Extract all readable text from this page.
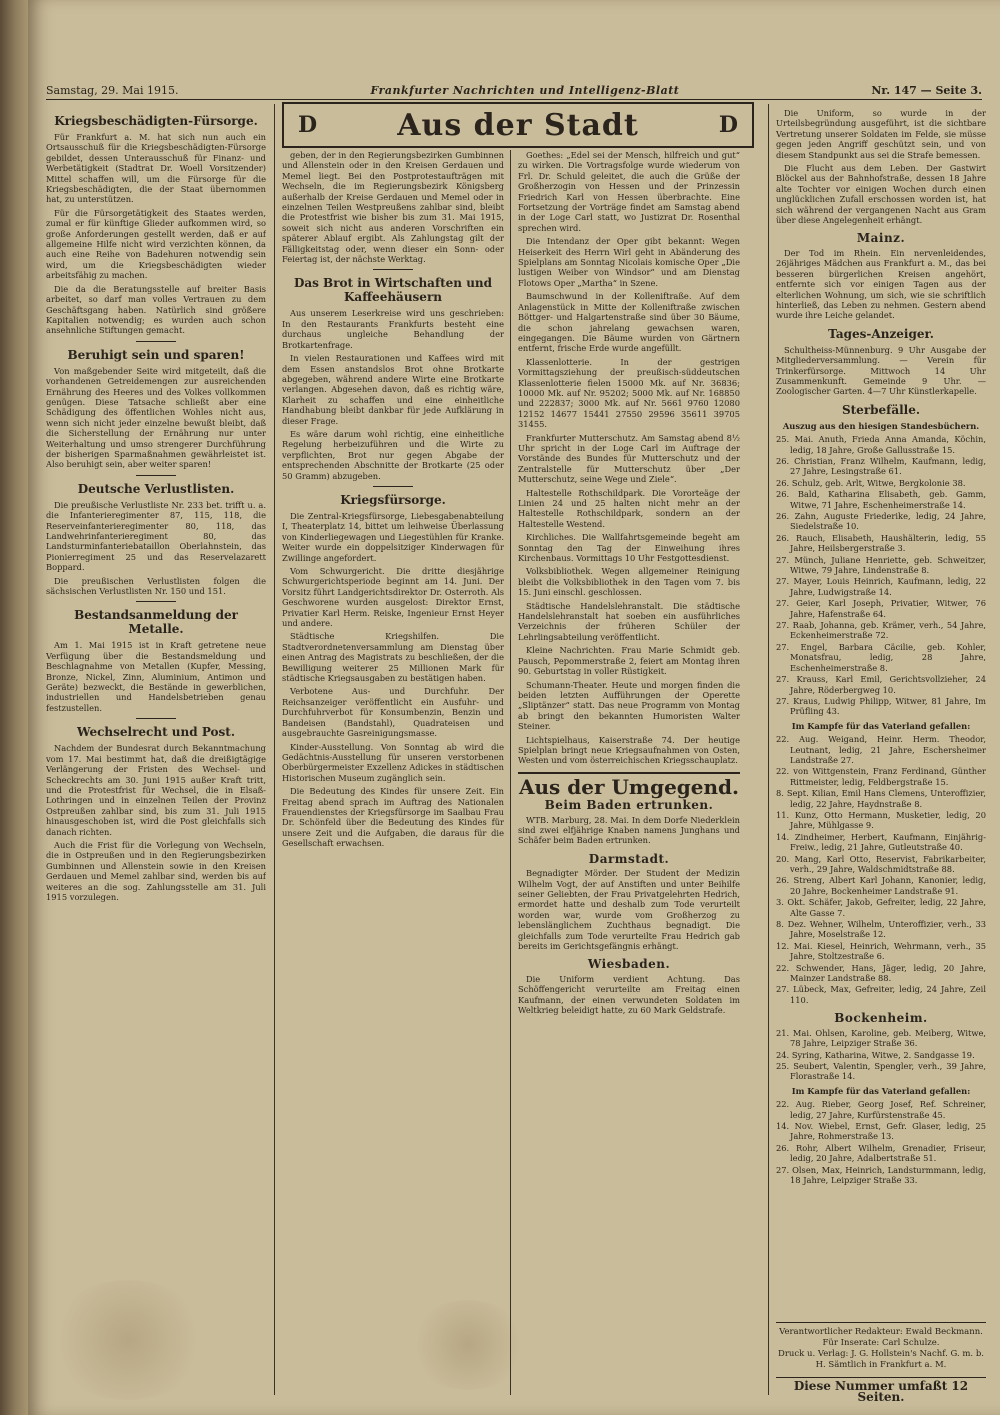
Samstag, 29. Mai 1915.	Frankfurter Nachrichten und Intelligenz-Blatt	Nr. 147 — Seite 3.
D	Aus der Stadt	D
Kriegsbeschädigten-Fürsorge.

Für Frankfurt a. M. hat sich nun auch ein Ortsausschuß für die Kriegsbeschädigten-Fürsorge gebildet, dessen Unterausschuß für Finanz- und Werbetätigkeit (Stadtrat Dr. Woell Vorsitzender) Mittel schaffen will, um die Fürsorge für die Kriegsbeschädigten, die der Staat übernommen hat, zu unterstützen.

Für die Fürsorgetätigkeit des Staates werden, zumal er für künftige Glieder aufkommen wird, so große Anforderungen gestellt werden, daß er auf allgemeine Hilfe nicht wird verzichten können, da auch eine Reihe von Badehuren notwendig sein wird, um die Kriegsbeschädigten wieder arbeitsfähig zu machen.

Die da die Beratungsstelle auf breiter Basis arbeitet, so darf man volles Vertrauen zu dem Geschäftsgang haben. Natürlich sind größere Kapitalien notwendig; es wurden auch schon ansehnliche Stiftungen gemacht.

Beruhigt sein und sparen!

Von maßgebender Seite wird mitgeteilt, daß die vorhandenen Getreidemengen zur ausreichenden Ernährung des Heeres und des Volkes vollkommen genügen. Diese Tatsache schließt aber eine Schädigung des öffentlichen Wohles nicht aus, wenn sich nicht jeder einzelne bewußt bleibt, daß die Sicherstellung der Ernährung nur unter Weiterhaltung und umso strengerer Durchführung der bisherigen Sparmaßnahmen gewährleistet ist. Also beruhigt sein, aber weiter sparen!

Deutsche Verlustlisten.

Die preußische Verlustliste Nr. 233 bet. trifft u. a. die Infanterieregimenter 87, 115, 118, die Reserveinfanterieregimenter 80, 118, das Landwehrinfanterieregiment 80, das Landsturminfanteriebataillon Oberlahnstein, das Pionierregiment 25 und das Reservelazarett Boppard.

Die preußischen Verlustlisten folgen die sächsischen Verlustlisten Nr. 150 und 151.

Bestandsanmeldung der Metalle.

Am 1. Mai 1915 ist in Kraft getretene neue Verfügung über die Bestandsmeldung und Beschlagnahme von Metallen (Kupfer, Messing, Bronze, Nickel, Zinn, Aluminium, Antimon und Geräte) bezweckt, die Bestände in gewerblichen, industriellen und Handelsbetrieben genau festzustellen.

Wechselrecht und Post.

Nachdem der Bundesrat durch Bekanntmachung vom 17. Mai bestimmt hat, daß die dreißigtägige Verlängerung der Fristen des Wechsel- und Scheckrechts am 30. Juni 1915 außer Kraft tritt, und die Protestfrist für Wechsel, die in Elsaß-Lothringen und in einzelnen Teilen der Provinz Ostpreußen zahlbar sind, bis zum 31. Juli 1915 hinausgeschoben ist, wird die Post gleichfalls sich danach richten.

Auch die Frist für die Vorlegung von Wechseln, die in Ostpreußen und in den Regierungsbezirken Gumbinnen und Allenstein sowie in den Kreisen Gerdauen und Memel zahlbar sind, werden bis auf weiteres an die sog. Zahlungsstelle am 31. Juli 1915 vorzulegen.

geben, der in den Regierungsbezirken Gumbinnen und Allenstein oder in den Kreisen Gerdauen und Memel liegt. Bei den Postprotestaufträgen mit Wechseln, die im Regierungsbezirk Königsberg außerhalb der Kreise Gerdauen und Memel oder in einzelnen Teilen Westpreußens zahlbar sind, bleibt die Protestfrist wie bisher bis zum 31. Mai 1915, soweit sich nicht aus anderen Vorschriften ein späterer Ablauf ergibt. Als Zahlungstag gilt der Fälligkeitstag oder, wenn dieser ein Sonn- oder Feiertag ist, der nächste Werktag.

Das Brot in Wirtschaften und Kaffeehäusern

Aus unserem Leserkreise wird uns geschrieben: In den Restaurants Frankfurts besteht eine durchaus ungleiche Behandlung der Brotkartenfrage.

In vielen Restaurationen und Kaffees wird mit dem Essen anstandslos Brot ohne Brotkarte abgegeben, während andere Wirte eine Brotkarte verlangen. Abgesehen davon, daß es richtig wäre, Klarheit zu schaffen und eine einheitliche Handhabung bleibt dankbar für jede Aufklärung in dieser Frage.

Es wäre darum wohl richtig, eine einheitliche Regelung herbeizuführen und die Wirte zu verpflichten, Brot nur gegen Abgabe der entsprechenden Abschnitte der Brotkarte (25 oder 50 Gramm) abzugeben.

Kriegsfürsorge.

Die Zentral-Kriegsfürsorge, Liebesgabenabteilung I, Theaterplatz 14, bittet um leihweise Überlassung von Kinderliegewagen und Liegestühlen für Kranke. Weiter wurde ein doppelsitziger Kinderwagen für Zwillinge angefordert.

Vom Schwurgericht. Die dritte diesjährige Schwurgerichtsperiode beginnt am 14. Juni. Der Vorsitz führt Landgerichtsdirektor Dr. Osterroth. Als Geschworene wurden ausgelost: Direktor Ernst, Privatier Karl Herm. Reiske, Ingenieur Ernst Heyer und andere.

Städtische Kriegshilfen. Die Stadtverordnetenversammlung am Dienstag über einen Antrag des Magistrats zu beschließen, der die Bewilligung weiterer 25 Millionen Mark für städtische Kriegsausgaben zu bestätigen haben.

Verbotene Aus- und Durchfuhr. Der Reichsanzeiger veröffentlicht ein Ausfuhr- und Durchfuhrverbot für Konsumbenzin, Benzin und Bandeisen (Bandstahl), Quadrateisen und ausgebrauchte Gasreinigungsmasse.

Kinder-Ausstellung. Von Sonntag ab wird die Gedächtnis-Ausstellung für unseren verstorbenen Oberbürgermeister Exzellenz Adickes in städtischen Historischen Museum zugänglich sein.

Die Bedeutung des Kindes für unsere Zeit. Ein Freitag abend sprach im Auftrag des Nationalen Frauendienstes der Kriegsfürsorge im Saalbau Frau Dr. Schönfeld über die Bedeutung des Kindes für unsere Zeit und die Aufgaben, die daraus für die Gesellschaft erwachsen.

Goethes: „Edel sei der Mensch, hilfreich und gut“ zu wirken. Die Vortragsfolge wurde wiederum von Frl. Dr. Schuld geleitet, die auch die Grüße der Großherzogin von Hessen und der Prinzessin Friedrich Karl von Hessen überbrachte. Eine Fortsetzung der Vorträge findet am Samstag abend in der Loge Carl statt, wo Justizrat Dr. Rosenthal sprechen wird.

Die Intendanz der Oper gibt bekannt: Wegen Heiserkeit des Herrn Wirl geht in Abänderung des Spielplans am Sonntag Nicolais komische Oper „Die lustigen Weiber von Windsor“ und am Dienstag Flotows Oper „Martha“ in Szene.

Baumschwund in der Kolleniftraße. Auf dem Anlagenstück in Mitte der Kolleniftraße zwischen Böttger- und Halgartenstraße sind über 30 Bäume, die schon jahrelang gewachsen waren, eingegangen. Die Bäume wurden von Gärtnern entfernt, frische Erde wurde angefüllt.

Klassenlotterie. In der gestrigen Vormittagsziehung der preußisch-süddeutschen Klassenlotterie fielen 15000 Mk. auf Nr. 36836; 10000 Mk. auf Nr. 95202; 5000 Mk. auf Nr. 168850 und 222837; 3000 Mk. auf Nr. 5661 9760 12080 12152 14677 15441 27550 29596 35611 39705 31455.

Frankfurter Mutterschutz. Am Samstag abend 8½ Uhr spricht in der Loge Carl im Auftrage der Vorstände des Bundes für Mutterschutz und der Zentralstelle für Mutterschutz über „Der Mutterschutz, seine Wege und Ziele“.

Haltestelle Rothschildpark. Die Vororteäge der Linien 24 und 25 halten nicht mehr an der Haltestelle Rothschildpark, sondern an der Haltestelle Westend.

Kirchliches. Die Wallfahrtsgemeinde begeht am Sonntag den Tag der Einweihung ihres Kirchenbaus. Vormittags 10 Uhr Festgottesdienst.

Volksbibliothek. Wegen allgemeiner Reinigung bleibt die Volksbibliothek in den Tagen vom 7. bis 15. Juni einschl. geschlossen.

Städtische Handelslehranstalt. Die städtische Handelslehranstalt hat soeben ein ausführliches Verzeichnis der früheren Schüler der Lehrlingsabteilung veröffentlicht.

Kleine Nachrichten. Frau Marie Schmidt geb. Pausch, Pepommerstraße 2, feiert am Montag ihren 90. Geburtstag in voller Rüstigkeit.

Schumann-Theater. Heute und morgen finden die beiden letzten Aufführungen der Operette „Sliptänzer“ statt. Das neue Programm von Montag ab bringt den bekannten Humoristen Walter Steiner.

Lichtspielhaus, Kaiserstraße 74. Der heutige Spielplan bringt neue Kriegsaufnahmen von Osten, Westen und vom österreichischen Kriegsschauplatz.

Aus der Umgegend.
Beim Baden ertrunken.

WTB. Marburg, 28. Mai. In dem Dorfe Niederklein sind zwei elfjährige Knaben namens Junghans und Schäfer beim Baden ertrunken.

Darmstadt.

Begnadigter Mörder. Der Student der Medizin Wilhelm Vogt, der auf Anstiften und unter Beihilfe seiner Geliebten, der Frau Privatgelehrten Hedrich, ermordet hatte und deshalb zum Tode verurteilt worden war, wurde vom Großherzog zu lebenslänglichem Zuchthaus begnadigt. Die gleichfalls zum Tode verurteilte Frau Hedrich gab bereits im Gerichtsgefängnis erhängt.

Wiesbaden.

Die Uniform verdient Achtung. Das Schöffengericht verurteilte am Freitag einen Kaufmann, der einen verwundeten Soldaten im Weltkrieg beleidigt hatte, zu 60 Mark Geldstrafe.

Die Uniform, so wurde in der Urteilsbegründung ausgeführt, ist die sichtbare Vertretung unserer Soldaten im Felde, sie müsse gegen jeden Angriff geschützt sein, und von diesem Standpunkt aus sei die Strafe bemessen.

Die Flucht aus dem Leben. Der Gastwirt Blöckel aus der Bahnhofstraße, dessen 18 Jahre alte Tochter vor einigen Wochen durch einen unglücklichen Zufall erschossen worden ist, hat sich während der vergangenen Nacht aus Gram über diese Angelegenheit erhängt.

Mainz.

Der Tod im Rhein. Ein nervenleidendes, 26jähriges Mädchen aus Frankfurt a. M., das bei besseren bürgerlichen Kreisen angehört, entfernte sich vor einigen Tagen aus der elterlichen Wohnung, um sich, wie sie schriftlich hinterließ, das Leben zu nehmen. Gestern abend wurde ihre Leiche gelandet.

Tages-Anzeiger.

Schultheiss-Münnenburg. 9 Uhr Ausgabe der Mitgliederversammlung. — Verein für Trinkerfürsorge. Mittwoch 14 Uhr Zusammenkunft. Gemeinde 9 Uhr. — Zoologischer Garten. 4—7 Uhr Künstlerkapelle.

Sterbefälle.
Auszug aus den hiesigen Standesbüchern.
25. Mai. Anuth, Frieda Anna Amanda, Köchin, ledig, 18 Jahre, Große Gallusstraße 15.
26. Christian, Franz Wilhelm, Kaufmann, ledig, 27 Jahre, Lesingstraße 61.
26. Schulz, geb. Arlt, Witwe, Bergkolonie 38.
26. Bald, Katharina Elisabeth, geb. Gamm, Witwe, 71 Jahre, Eschenheimerstraße 14.
26. Zahn, Auguste Friederike, ledig, 24 Jahre, Siedelstraße 10.
26. Rauch, Elisabeth, Haushälterin, ledig, 55 Jahre, Heilsbergerstraße 3.
27. Münch, Juliane Henriette, geb. Schweitzer, Witwe, 79 Jahre, Lindenstraße 8.
27. Mayer, Louis Heinrich, Kaufmann, ledig, 22 Jahre, Ludwigstraße 14.
27. Geier, Karl Joseph, Privatier, Witwer, 76 Jahre, Hafenstraße 64.
27. Raab, Johanna, geb. Krämer, verh., 54 Jahre, Eckenheimerstraße 72.
27. Engel, Barbara Cäcilie, geb. Kohler, Monatsfrau, ledig, 28 Jahre, Eschenheimerstraße 8.
27. Krauss, Karl Emil, Gerichtsvollzieher, 24 Jahre, Röderbergweg 10.
27. Kraus, Ludwig Philipp, Witwer, 81 Jahre, Im Prüfling 43.
Im Kampfe für das Vaterland gefallen:
22. Aug. Weigand, Heinr. Herm. Theodor, Leutnant, ledig, 21 Jahre, Eschersheimer Landstraße 27.
22. von Wittgenstein, Franz Ferdinand, Günther Rittmeister, ledig, Feldbergstraße 15.
8. Sept. Kilian, Emil Hans Clemens, Unteroffizier, ledig, 22 Jahre, Haydnstraße 8.
11. Kunz, Otto Hermann, Musketier, ledig, 20 Jahre, Mühlgasse 9.
14. Zindheimer, Herbert, Kaufmann, Einjährig-Freiw., ledig, 21 Jahre, Gutleutstraße 40.
20. Mang, Karl Otto, Reservist, Fabrikarbeiter, verh., 29 Jahre, Waldschmidtstraße 88.
26. Streng, Albert Karl Johann, Kanonier, ledig, 20 Jahre, Bockenheimer Landstraße 91.
3. Okt. Schäfer, Jakob, Gefreiter, ledig, 22 Jahre, Alte Gasse 7.
8. Dez. Wehner, Wilhelm, Unteroffizier, verh., 33 Jahre, Moselstraße 12.
12. Mai. Kiesel, Heinrich, Wehrmann, verh., 35 Jahre, Stoltzestraße 6.
22. Schwender, Hans, Jäger, ledig, 20 Jahre, Mainzer Landstraße 88.
27. Lübeck, Max, Gefreiter, ledig, 24 Jahre, Zeil 110.
Bockenheim.
21. Mai. Ohlsen, Karoline, geb. Meiberg, Witwe, 78 Jahre, Leipziger Straße 36.
24. Syring, Katharina, Witwe, 2. Sandgasse 19.
25. Seubert, Valentin, Spengler, verh., 39 Jahre, Florastraße 14.
Im Kampfe für das Vaterland gefallen:
22. Aug. Rieber, Georg Josef, Ref. Schreiner, ledig, 27 Jahre, Kurfürstenstraße 45.
14. Nov. Wiebel, Ernst, Gefr. Glaser, ledig, 25 Jahre, Rohmerstraße 13.
26. Rohr, Albert Wilhelm, Grenadier, Friseur, ledig, 20 Jahre, Adalbertstraße 51.
27. Olsen, Max, Heinrich, Landsturmmann, ledig, 18 Jahre, Leipziger Straße 33.
Verantwortlicher Redakteur: Ewald Beckmann.
Für Inserate: Carl Schulze.
Druck u. Verlag: J. G. Hollstein's Nachf. G. m. b. H. Sämtlich in Frankfurt a. M.
Diese Nummer umfaßt 12 Seiten.
